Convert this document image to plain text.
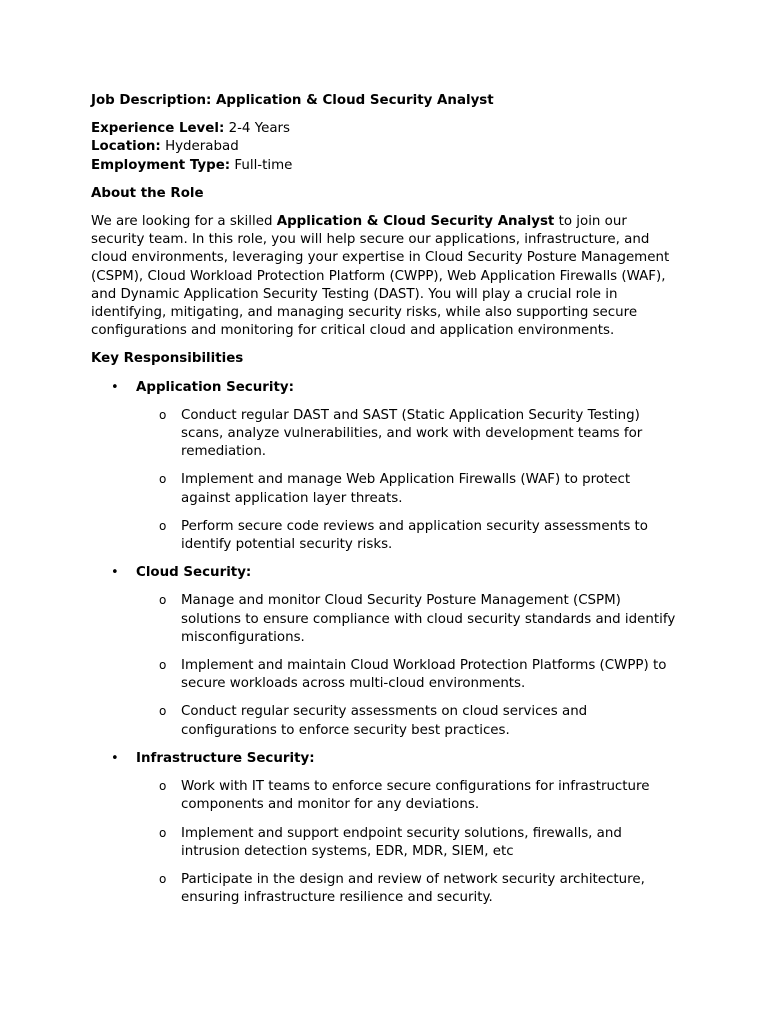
Job Description: Application & Cloud Security Analyst

Experience Level: 2-4 Years

Location: Hyderabad

Employment Type: Full-time

About the Role

We are looking for a skilled Application & Cloud Security Analyst to join our security team. In this role, you will help secure our applications, infrastructure, and cloud environments, leveraging your expertise in Cloud Security Posture Management (CSPM), Cloud Workload Protection Platform (CWPP), Web Application Firewalls (WAF), and Dynamic Application Security Testing (DAST). You will play a crucial role in identifying, mitigating, and managing security risks, while also supporting secure configurations and monitoring for critical cloud and application environments.

Key Responsibilities

• Application Security:

o Conduct regular DAST and SAST (Static Application Security Testing) scans, analyze vulnerabilities, and work with development teams for remediation.
o Implement and manage Web Application Firewalls (WAF) to protect against application layer threats.
o Perform secure code reviews and application security assessments to identify potential security risks.
• Cloud Security:

o Manage and monitor Cloud Security Posture Management (CSPM) solutions to ensure compliance with cloud security standards and identify misconfigurations.
o Implement and maintain Cloud Workload Protection Platforms (CWPP) to secure workloads across multi-cloud environments.
o Conduct regular security assessments on cloud services and configurations to enforce security best practices.
• Infrastructure Security:

o Work with IT teams to enforce secure configurations for infrastructure components and monitor for any deviations.
o Implement and support endpoint security solutions, firewalls, and intrusion detection systems, EDR, MDR, SIEM, etc
o Participate in the design and review of network security architecture, ensuring infrastructure resilience and security.
